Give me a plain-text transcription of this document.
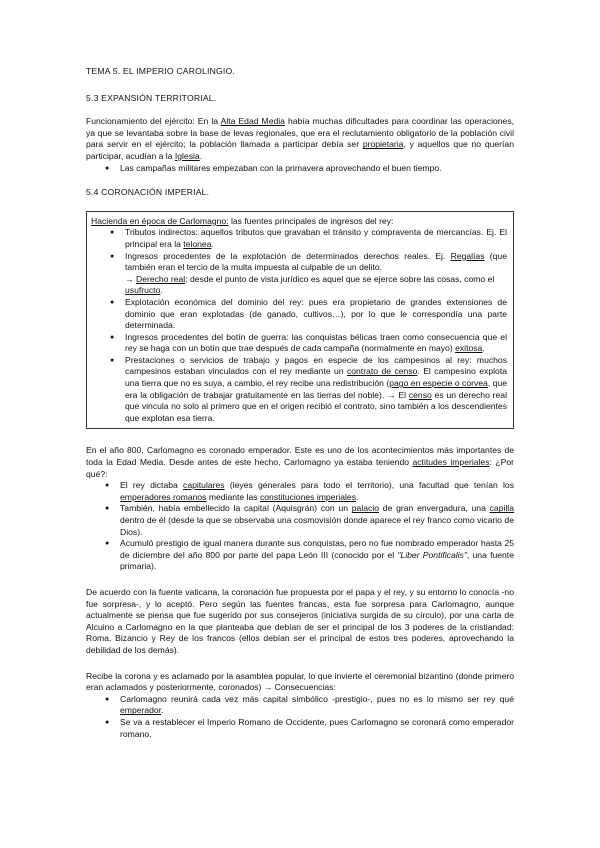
TEMA 5. EL IMPERIO CAROLINGIO.
5.3 EXPANSIÓN TERRITORIAL.

Funcionamiento del ejército: En la Alta Edad Media había muchas dificultades para coordinar las operaciones, ya que se levantaba sobre la base de levas regionales, que era el reclutamiento obligatorio de la población civil para servir en el ejército; la población llamada a participar debía ser propietaria, y aquellos que no querían participar, acudían a la Iglesia.

● Las campañas militares empezaban con la primavera aprovechando el buen tiempo.
5.4 CORONACIÓN IMPERIAL.
Hacienda en época de Carlomagno: las fuentes principales de ingresos del rey:
● Tributos indirectos: aquellos tributos que gravaban el tránsito y compraventa de mercancías. Ej. El principal era la telonea.
● Ingresos procedentes de la explotación de determinados derechos reales. Ej. Regalías (que también eran el tercio de la multa impuesta al culpable de un delito.
→ Derecho real: desde el punto de vista jurídico es aquel que se ejerce sobre las cosas, como el usufructo.
● Explotación económica del dominio del rey: pues era propietario de grandes extensiones de dominio que eran explotadas (de ganado, cultivos…), por lo que le correspondía una parte determinada.
● Ingresos procedentes del botín de guerra: las conquistas bélicas traen como consecuencia que el rey se haga con un botín que trae después de cada campaña (normalmente en mayo) exitosa.
● Prestaciones o servicios de trabajo y pagos en especie de los campesinos al rey: muchos campesinos estaban vinculados con el rey mediante un contrato de censo. El campesino explota una tierra que no es suya, a cambio, el rey recibe una redistribución (pago en especie o corvea, que era la obligación de trabajar gratuitamente en las tierras del noble). → El censo es un derecho real que vincula no solo al primero que en el origen recibió el contrato, sino también a los descendientes que explotan esa tierra.

En el año 800, Carlomagno es coronado emperador. Este es uno de los acontecimientos más importantes de toda la Edad Media. Desde antes de este hecho, Carlomagno ya estaba teniendo actitudes imperiales: ¿Por qué?:

● El rey dictaba capitulares (leyes generales para todo el territorio), una facultad que tenían los emperadores romanos mediante las constituciones imperiales.
● También, había embellecido la capital (Aquisgrán) con un palacio de gran envergadura, una capilla dentro de él (desde la que se observaba una cosmovisión donde aparece el rey franco como vicario de Dios).
● Acumuló prestigio de igual manera durante sus conquistas, pero no fue nombrado emperador hasta 25 de diciembre del año 800 por parte del papa León III (conocido por el "Liber Pontificalis", una fuente primaria).

De acuerdo con la fuente vaticana, la coronación fue propuesta por el papa y el rey, y su entorno lo conocía -no fue sorpresa-, y lo aceptó. Pero según las fuentes francas, esta fue sorpresa para Carlomagno, aunque actualmente se piensa que fue sugerido por sus consejeros (iniciativa surgida de su círculo), por una carta de Alcuino a Carlomagno en la que planteaba que debían de ser el principal de los 3 poderes de la cristiandad: Roma, Bizancio y Rey de los francos (ellos debían ser el principal de estos tres poderes, aprovechando la debilidad de los demás).

Recibe la corona y es aclamado por la asamblea popular, lo que invierte el ceremonial bizantino (donde primero eran aclamados y posteriormente, coronados) → Consecuencias:

● Carlomagno reunirá cada vez más capital simbólico -prestigio-, pues no es lo mismo ser rey qué emperador.
● Se va a restablecer el Imperio Romano de Occidente, pues Carlomagno se coronará como emperador romano.
